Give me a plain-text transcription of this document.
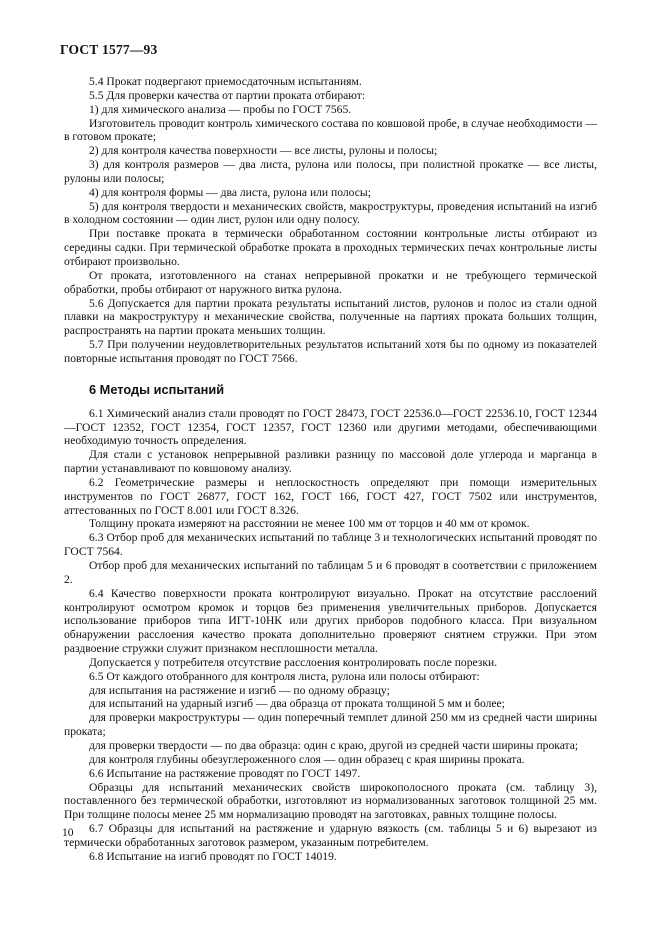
ГОСТ 1577—93

5.4 Прокат подвергают приемосдаточным испытаниям.

5.5 Для проверки качества от партии проката отбирают:

1) для химического анализа — пробы по ГОСТ 7565.

Изготовитель проводит контроль химического состава по ковшовой пробе, в случае необходимости — в готовом прокате;

2) для контроля качества поверхности — все листы, рулоны и полосы;

3) для контроля размеров — два листа, рулона или полосы, при полистной прокатке — все листы, рулоны или полосы;

4) для контроля формы — два листа, рулона или полосы;

5) для контроля твердости и механических свойств, макроструктуры, проведения испытаний на изгиб в холодном состоянии — один лист, рулон или одну полосу.

При поставке проката в термически обработанном состоянии контрольные листы отбирают из середины садки. При термической обработке проката в проходных термических печах контрольные листы отбирают произвольно.

От проката, изготовленного на станах непрерывной прокатки и не требующего термической обработки, пробы отбирают от наружного витка рулона.

5.6 Допускается для партии проката результаты испытаний листов, рулонов и полос из стали одной плавки на макроструктуру и механические свойства, полученные на партиях проката больших толщин, распространять на партии проката меньших толщин.

5.7 При получении неудовлетворительных результатов испытаний хотя бы по одному из показателей повторные испытания проводят по ГОСТ 7566.

6 Методы испытаний

6.1 Химический анализ стали проводят по ГОСТ 28473, ГОСТ 22536.0—ГОСТ 22536.10, ГОСТ 12344—ГОСТ 12352, ГОСТ 12354, ГОСТ 12357, ГОСТ 12360 или другими методами, обеспечивающими необходимую точность определения.

Для стали с установок непрерывной разливки разницу по массовой доле углерода и марганца в партии устанавливают по ковшовому анализу.

6.2 Геометрические размеры и неплоскостность определяют при помощи измерительных инструментов по ГОСТ 26877, ГОСТ 162, ГОСТ 166, ГОСТ 427, ГОСТ 7502 или инструментов, аттестованных по ГОСТ 8.001 или ГОСТ 8.326.

Толщину проката измеряют на расстоянии не менее 100 мм от торцов и 40 мм от кромок.

6.3 Отбор проб для механических испытаний по таблице 3 и технологических испытаний проводят по ГОСТ 7564.

Отбор проб для механических испытаний по таблицам 5 и 6 проводят в соответствии с приложением 2.

6.4 Качество поверхности проката контролируют визуально. Прокат на отсутствие расслоений контролируют осмотром кромок и торцов без применения увеличительных приборов. Допускается использование приборов типа ИГТ-10НК или других приборов подобного класса. При визуальном обнаружении расслоения качество проката дополнительно проверяют снятием стружки. При этом раздвоение стружки служит признаком несплошности металла.

Допускается у потребителя отсутствие расслоения контролировать после порезки.

6.5 От каждого отобранного для контроля листа, рулона или полосы отбирают:

для испытания на растяжение и изгиб — по одному образцу;

для испытаний на ударный изгиб — два образца от проката толщиной 5 мм и более;

для проверки макроструктуры — один поперечный темплет длиной 250 мм из средней части ширины проката;

для проверки твердости — по два образца: один с краю, другой из средней части ширины проката;

для контроля глубины обезуглероженного слоя — один образец с края ширины проката.

6.6 Испытание на растяжение проводят по ГОСТ 1497.

Образцы для испытаний механических свойств широкополосного проката (см. таблицу 3), поставленного без термической обработки, изготовляют из нормализованных заготовок толщиной 25 мм. При толщине полосы менее 25 мм нормализацию проводят на заготовках, равных толщине полосы.

6.7 Образцы для испытаний на растяжение и ударную вязкость (см. таблицы 5 и 6) вырезают из термически обработанных заготовок размером, указанным потребителем.

6.8 Испытание на изгиб проводят по ГОСТ 14019.

10
